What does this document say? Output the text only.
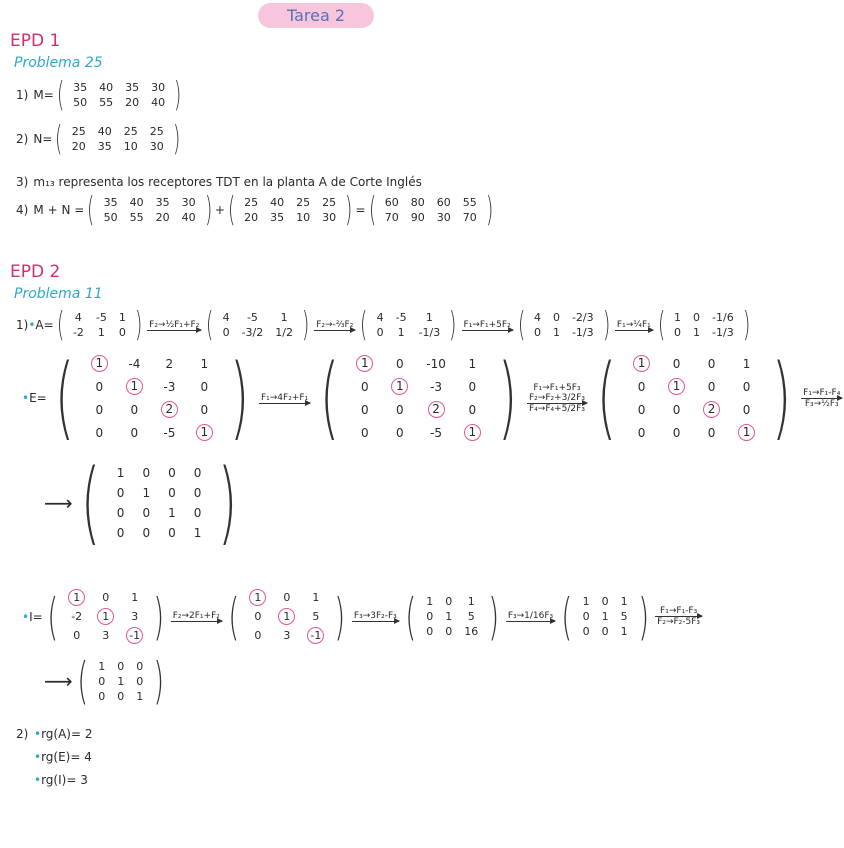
Tarea 2
EPD 1
Problema 25
1)
M= ( 35	40	35	30
50	55	20	40 )
2)
N= ( 25	40	25	25
20	35	10	30 )
3)
m₁₃ representa los receptores TDT en la planta A de Corte Inglés
4)
M + N = ( 35	40	35	30
50	55	20	40 ) + ( 25	40	25	25
20	35	10	30 ) = ( 60	80	60	55
70	90	30	70 )
EPD 2
Problema 11
1) • A= ( 4	-5	1
-2	1	0 ) F₂→½F₁+F₂ ( 4	-5	1
0	-3/2	1/2 ) F₂→-⅔F₂ ( 4	-5	1
0	1	-1/3 ) F₁→F₁+5F₂ ( 4	0	-2/3
0	1	-1/3 ) F₁→¼F₁ ( 1	0	-1/6
0	1	-1/3 )
• E= ( 1	-4	2	1
0	1	-3	0
0	0	2	0
0	0	-5	1 ) F₁→4F₂+F₁ ( 1	0	-10	1
0	1	-3	0
0	0	2	0
0	0	-5	1 ) F₁→F₁+5F₃
F₂→F₂+3/2F₃
F₄→F₄+5/2F₃ ( 1	0	0	1
0	1	0	0
0	0	2	0
0	0	0	1 ) F₁→F₁-F₄
F₃→½F₃
⟶ ( 1	0	0	0
0	1	0	0
0	0	1	0
0	0	0	1 )
• I= ( 1	0	1
-2	1	3
0	3	-1 ) F₂→2F₁+F₂ ( 1	0	1
0	1	5
0	3	-1 ) F₃→3F₂-F₃ ( 1	0	1
0	1	5
0	0	16 ) F₃→1/16F₃ ( 1	0	1
0	1	5
0	0	1 ) F₁→F₁-F₃
F₂→F₂-5F₃
⟶ ( 1	0	0
0	1	0
0	0	1 )
2) •rg(A)= 2
•rg(E)= 4
•rg(I)= 3
